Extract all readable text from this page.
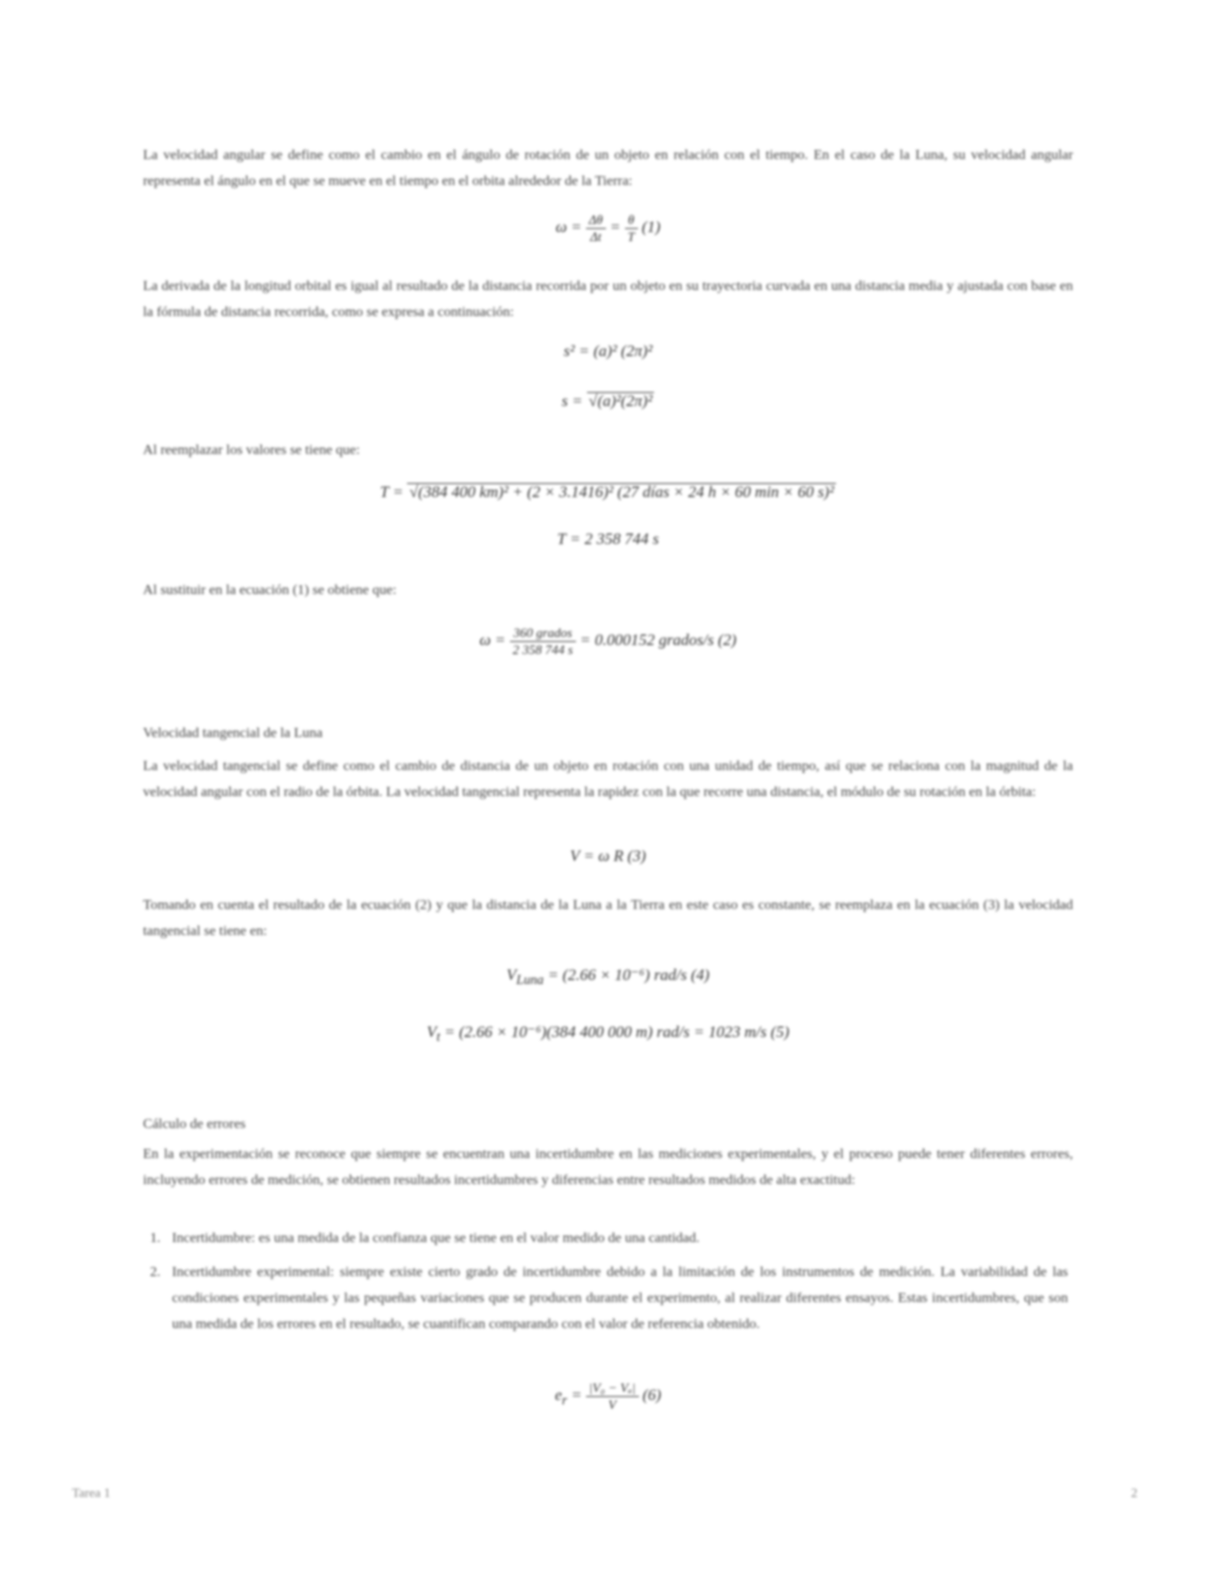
La velocidad angular se define como el cambio en el ángulo de rotación de un objeto en relación con el tiempo. En el caso de la Luna, su velocidad angular representa el ángulo en el que se mueve en el tiempo en el orbita alrededor de la Tierra:

$\omega = \frac{\Delta\theta}{\Delta t} = \frac{\theta}{T} (1)$

La derivada de la longitud orbital es igual al resultado de la distancia recorrida por un objeto en su trayectoria curvada en una distancia media y ajustada con base en la fórmula de distancia recorrida, como se expresa a continuación:

s² = (a)² (2π)²
s = √(a)²(2π)²

Al reemplazar los valores se tiene que:

T = √(384 400 km)² + (2 × 3.1416)² (27 días × 24 h × 60 min × 60 s)²
T = 2 358 744 s

Al sustituir en la ecuación (1) se obtiene que:

$\omega = \frac{\text{360 grados}}{2 358 744 s} = 0.000152$ grados/s (2)
Velocidad tangencial de la Luna

La velocidad tangencial se define como el cambio de distancia de un objeto en rotación con una unidad de tiempo, así que se relaciona con la magnitud de la velocidad angular con el radio de la órbita. La velocidad tangencial representa la rapidez con la que recorre una distancia, el módulo de su rotación en la órbita:

V = ω R (3)

Tomando en cuenta el resultado de la ecuación (2) y que la distancia de la Luna a la Tierra en este caso es constante, se reemplaza en la ecuación (3) la velocidad tangencial se tiene en:

$V_{Luna} = (2.66 \times 10^{-6})$ rad/s (4)
$V_t = (2.66 \times 10^{-6})(384$ 400 000 m) rad/s = 1023 m/s (5)
Cálculo de errores

En la experimentación se reconoce que siempre se encuentran una incertidumbre en las mediciones experimentales, y el proceso puede tener diferentes errores, incluyendo errores de medición, se obtienen resultados incertidumbres y diferencias entre resultados medidos de alta exactitud:

1. Incertidumbre: es una medida de la confianza que se tiene en el valor medido de una cantidad.
2. Incertidumbre experimental: siempre existe cierto grado de incertidumbre debido a la limitación de los instrumentos de medición. La variabilidad de las condiciones experimentales y las pequeñas variaciones que se producen durante el experimento, al realizar diferentes ensayos. Estas incertidumbres, que son una medida de los errores en el resultado, se cuantifican comparando con el valor de referencia obtenido.
$e_r = \frac{\text{|V₀ − Vₐ|}}{V} (6)$
Tarea 1	2
